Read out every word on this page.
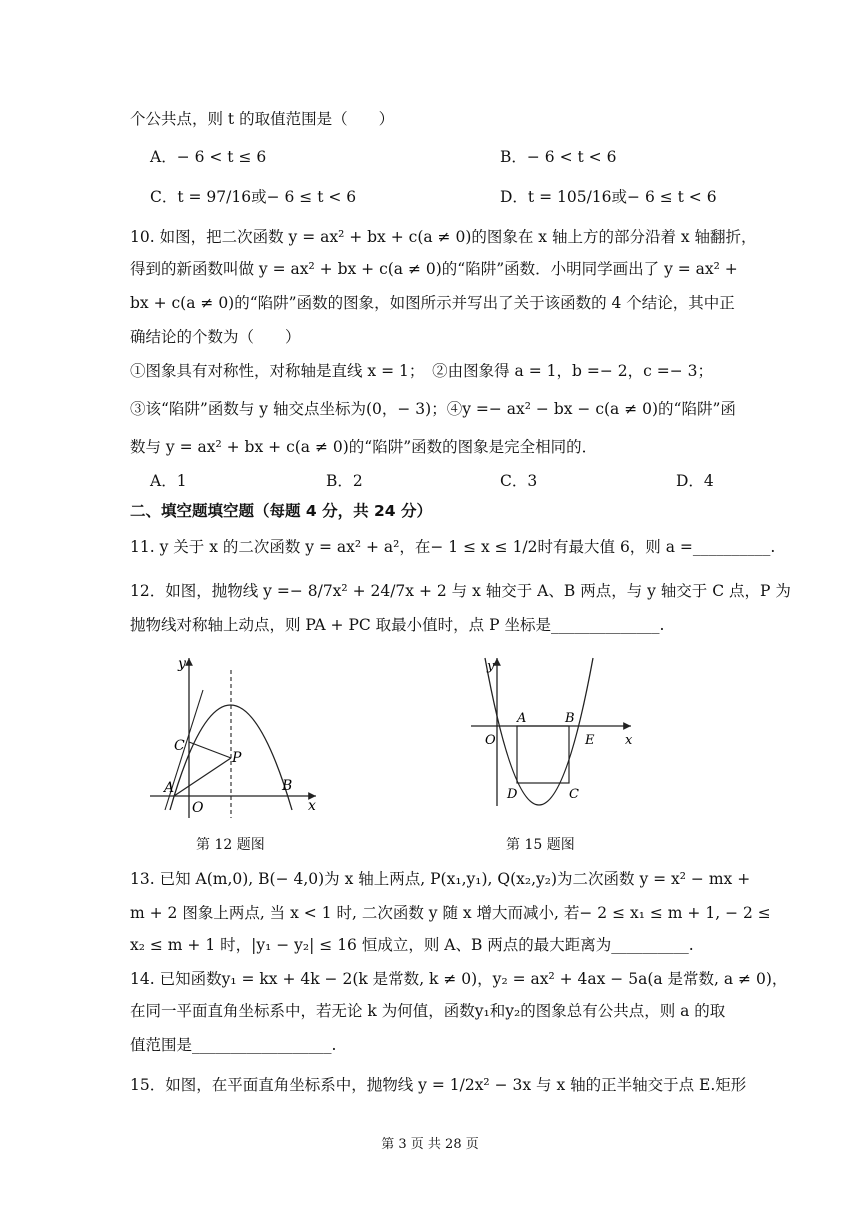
个公共点，则 t 的取值范围是（　　）
A．− 6 < t ≤ 6	B．− 6 < t < 6
C．t = 97/16或− 6 ≤ t < 6	D．t = 105/16或− 6 ≤ t < 6
10. 如图，把二次函数 y = ax² + bx + c(a ≠ 0)的图象在 x 轴上方的部分沿着 x 轴翻折，
得到的新函数叫做 y = ax² + bx + c(a ≠ 0)的“陷阱”函数．小明同学画出了 y = ax² +
bx + c(a ≠ 0)的“陷阱”函数的图象，如图所示并写出了关于该函数的 4 个结论，其中正
确结论的个数为（　　）
①图象具有对称性，对称轴是直线 x = 1；　②由图象得 a = 1，b =− 2，c =− 3；
③该“陷阱”函数与 y 轴交点坐标为(0，− 3)；④y =− ax² − bx − c(a ≠ 0)的“陷阱”函
数与 y = ax² + bx + c(a ≠ 0)的“陷阱”函数的图象是完全相同的．
A．1	B．2	C．3	D．4
二、填空题填空题（每题 4 分，共 24 分）
11. y 关于 x 的二次函数 y = ax² + a²，在− 1 ≤ x ≤ 1/2时有最大值 6，则 a =__________.
12．如图，抛物线 y =− 8/7x² + 24/7x + 2 与 x 轴交于 A、B 两点，与 y 轴交于 C 点，P 为
抛物线对称轴上动点，则 PA + PC 取最小值时，点 P 坐标是______________.
y
x
C
P
A
O
B
第 12 题图
y
x
A	B
O	E
D	C
第 15 题图
13. 已知 A(m,0), B(− 4,0)为 x 轴上两点, P(x₁,y₁), Q(x₂,y₂)为二次函数 y = x² − mx +
m + 2 图象上两点, 当 x < 1 时, 二次函数 y 随 x 增大而减小, 若− 2 ≤ x₁ ≤ m + 1, − 2 ≤
x₂ ≤ m + 1 时，|y₁ − y₂| ≤ 16 恒成立，则 A、B 两点的最大距离为__________.
14. 已知函数y₁ = kx + 4k − 2(k 是常数, k ≠ 0)，y₂ = ax² + 4ax − 5a(a 是常数, a ≠ 0)，
在同一平面直角坐标系中，若无论 k 为何值，函数y₁和y₂的图象总有公共点，则 a 的取
值范围是__________________.
15．如图，在平面直角坐标系中，抛物线 y = 1/2x² − 3x 与 x 轴的正半轴交于点 E.矩形
第 3 页 共 28 页
